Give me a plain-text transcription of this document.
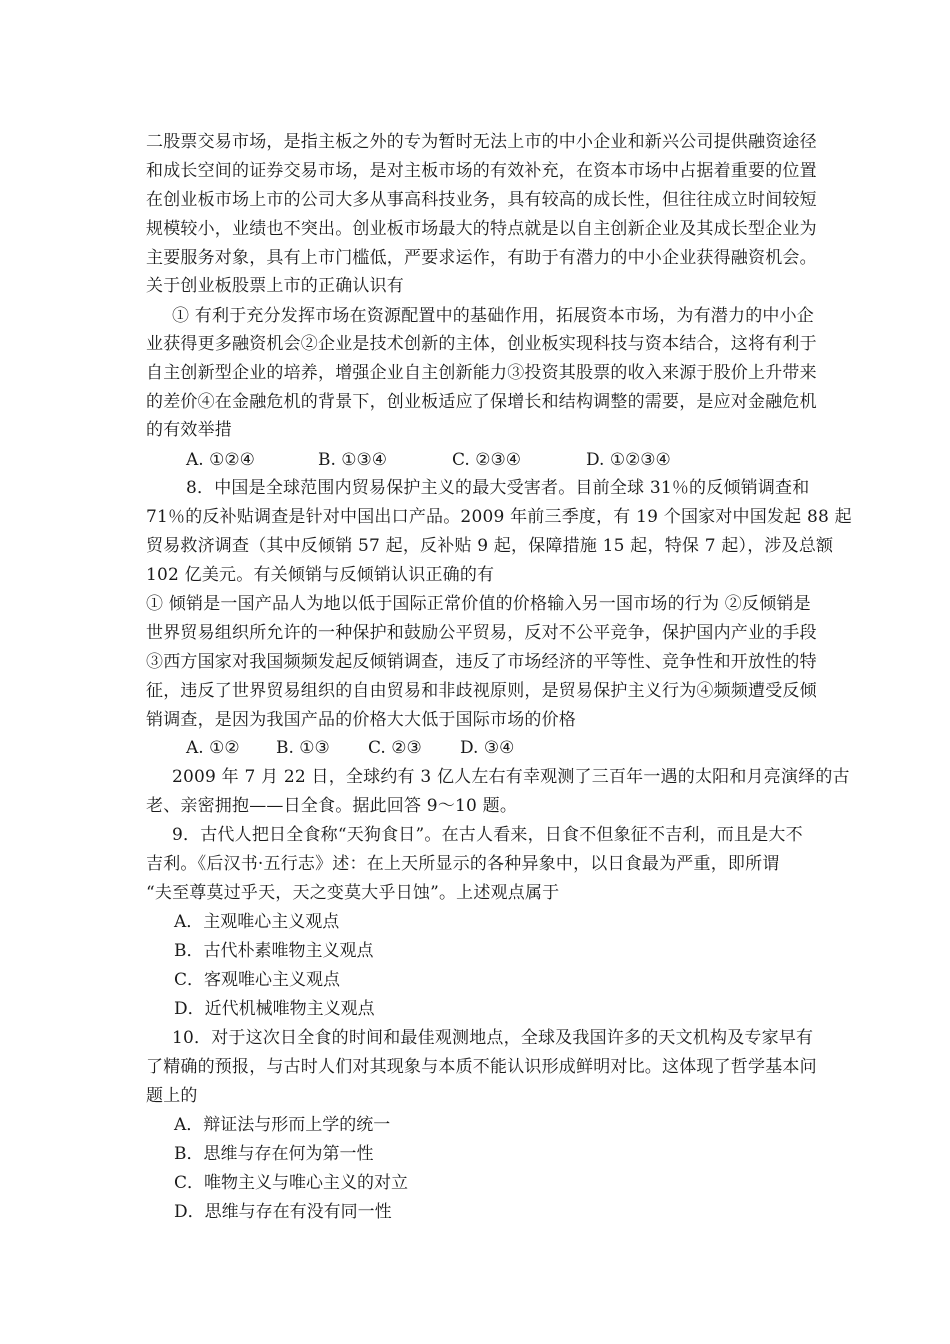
二股票交易市场，是指主板之外的专为暂时无法上市的中小企业和新兴公司提供融资途径
和成长空间的证券交易市场，是对主板市场的有效补充，在资本市场中占据着重要的位置
在创业板市场上市的公司大多从事高科技业务，具有较高的成长性，但往往成立时间较短
规模较小，业绩也不突出。创业板市场最大的特点就是以自主创新企业及其成长型企业为
主要服务对象，具有上市门槛低，严要求运作，有助于有潜力的中小企业获得融资机会。
关于创业板股票上市的正确认识有
① 有利于充分发挥市场在资源配置中的基础作用，拓展资本市场，为有潜力的中小企
业获得更多融资机会②企业是技术创新的主体，创业板实现科技与资本结合，这将有利于
自主创新型企业的培养，增强企业自主创新能力③投资其股票的收入来源于股价上升带来
的差价④在金融危机的背景下，创业板适应了保增长和结构调整的需要，是应对金融危机
的有效举措
A. ①②④	B. ①③④	C. ②③④	D. ①②③④
8．中国是全球范围内贸易保护主义的最大受害者。目前全球 31％的反倾销调查和
71％的反补贴调查是针对中国出口产品。2009 年前三季度，有 19 个国家对中国发起 88 起
贸易救济调查（其中反倾销 57 起，反补贴 9 起，保障措施 15 起，特保 7 起），涉及总额
102 亿美元。有关倾销与反倾销认识正确的有
① 倾销是一国产品人为地以低于国际正常价值的价格输入另一国市场的行为 ②反倾销是
世界贸易组织所允许的一种保护和鼓励公平贸易，反对不公平竞争，保护国内产业的手段
③西方国家对我国频频发起反倾销调查，违反了市场经济的平等性、竞争性和开放性的特
征，违反了世界贸易组织的自由贸易和非歧视原则，是贸易保护主义行为④频频遭受反倾
销调查，是因为我国产品的价格大大低于国际市场的价格
A. ①② B. ①③ C. ②③ D. ③④
2009 年 7 月 22 日，全球约有 3 亿人左右有幸观测了三百年一遇的太阳和月亮演绎的古
老、亲密拥抱——日全食。据此回答 9～10 题。
9．古代人把日全食称“天狗食日”。在古人看来，日食不但象征不吉利，而且是大不
吉利。《后汉书·五行志》述：在上天所显示的各种异象中，以日食最为严重，即所谓
“夫至尊莫过乎天，天之变莫大乎日蚀”。上述观点属于
A．主观唯心主义观点
B．古代朴素唯物主义观点
C．客观唯心主义观点
D．近代机械唯物主义观点
10．对于这次日全食的时间和最佳观测地点，全球及我国许多的天文机构及专家早有
了精确的预报，与古时人们对其现象与本质不能认识形成鲜明对比。这体现了哲学基本问
题上的
A．辩证法与形而上学的统一
B．思维与存在何为第一性
C．唯物主义与唯心主义的对立
D．思维与存在有没有同一性
